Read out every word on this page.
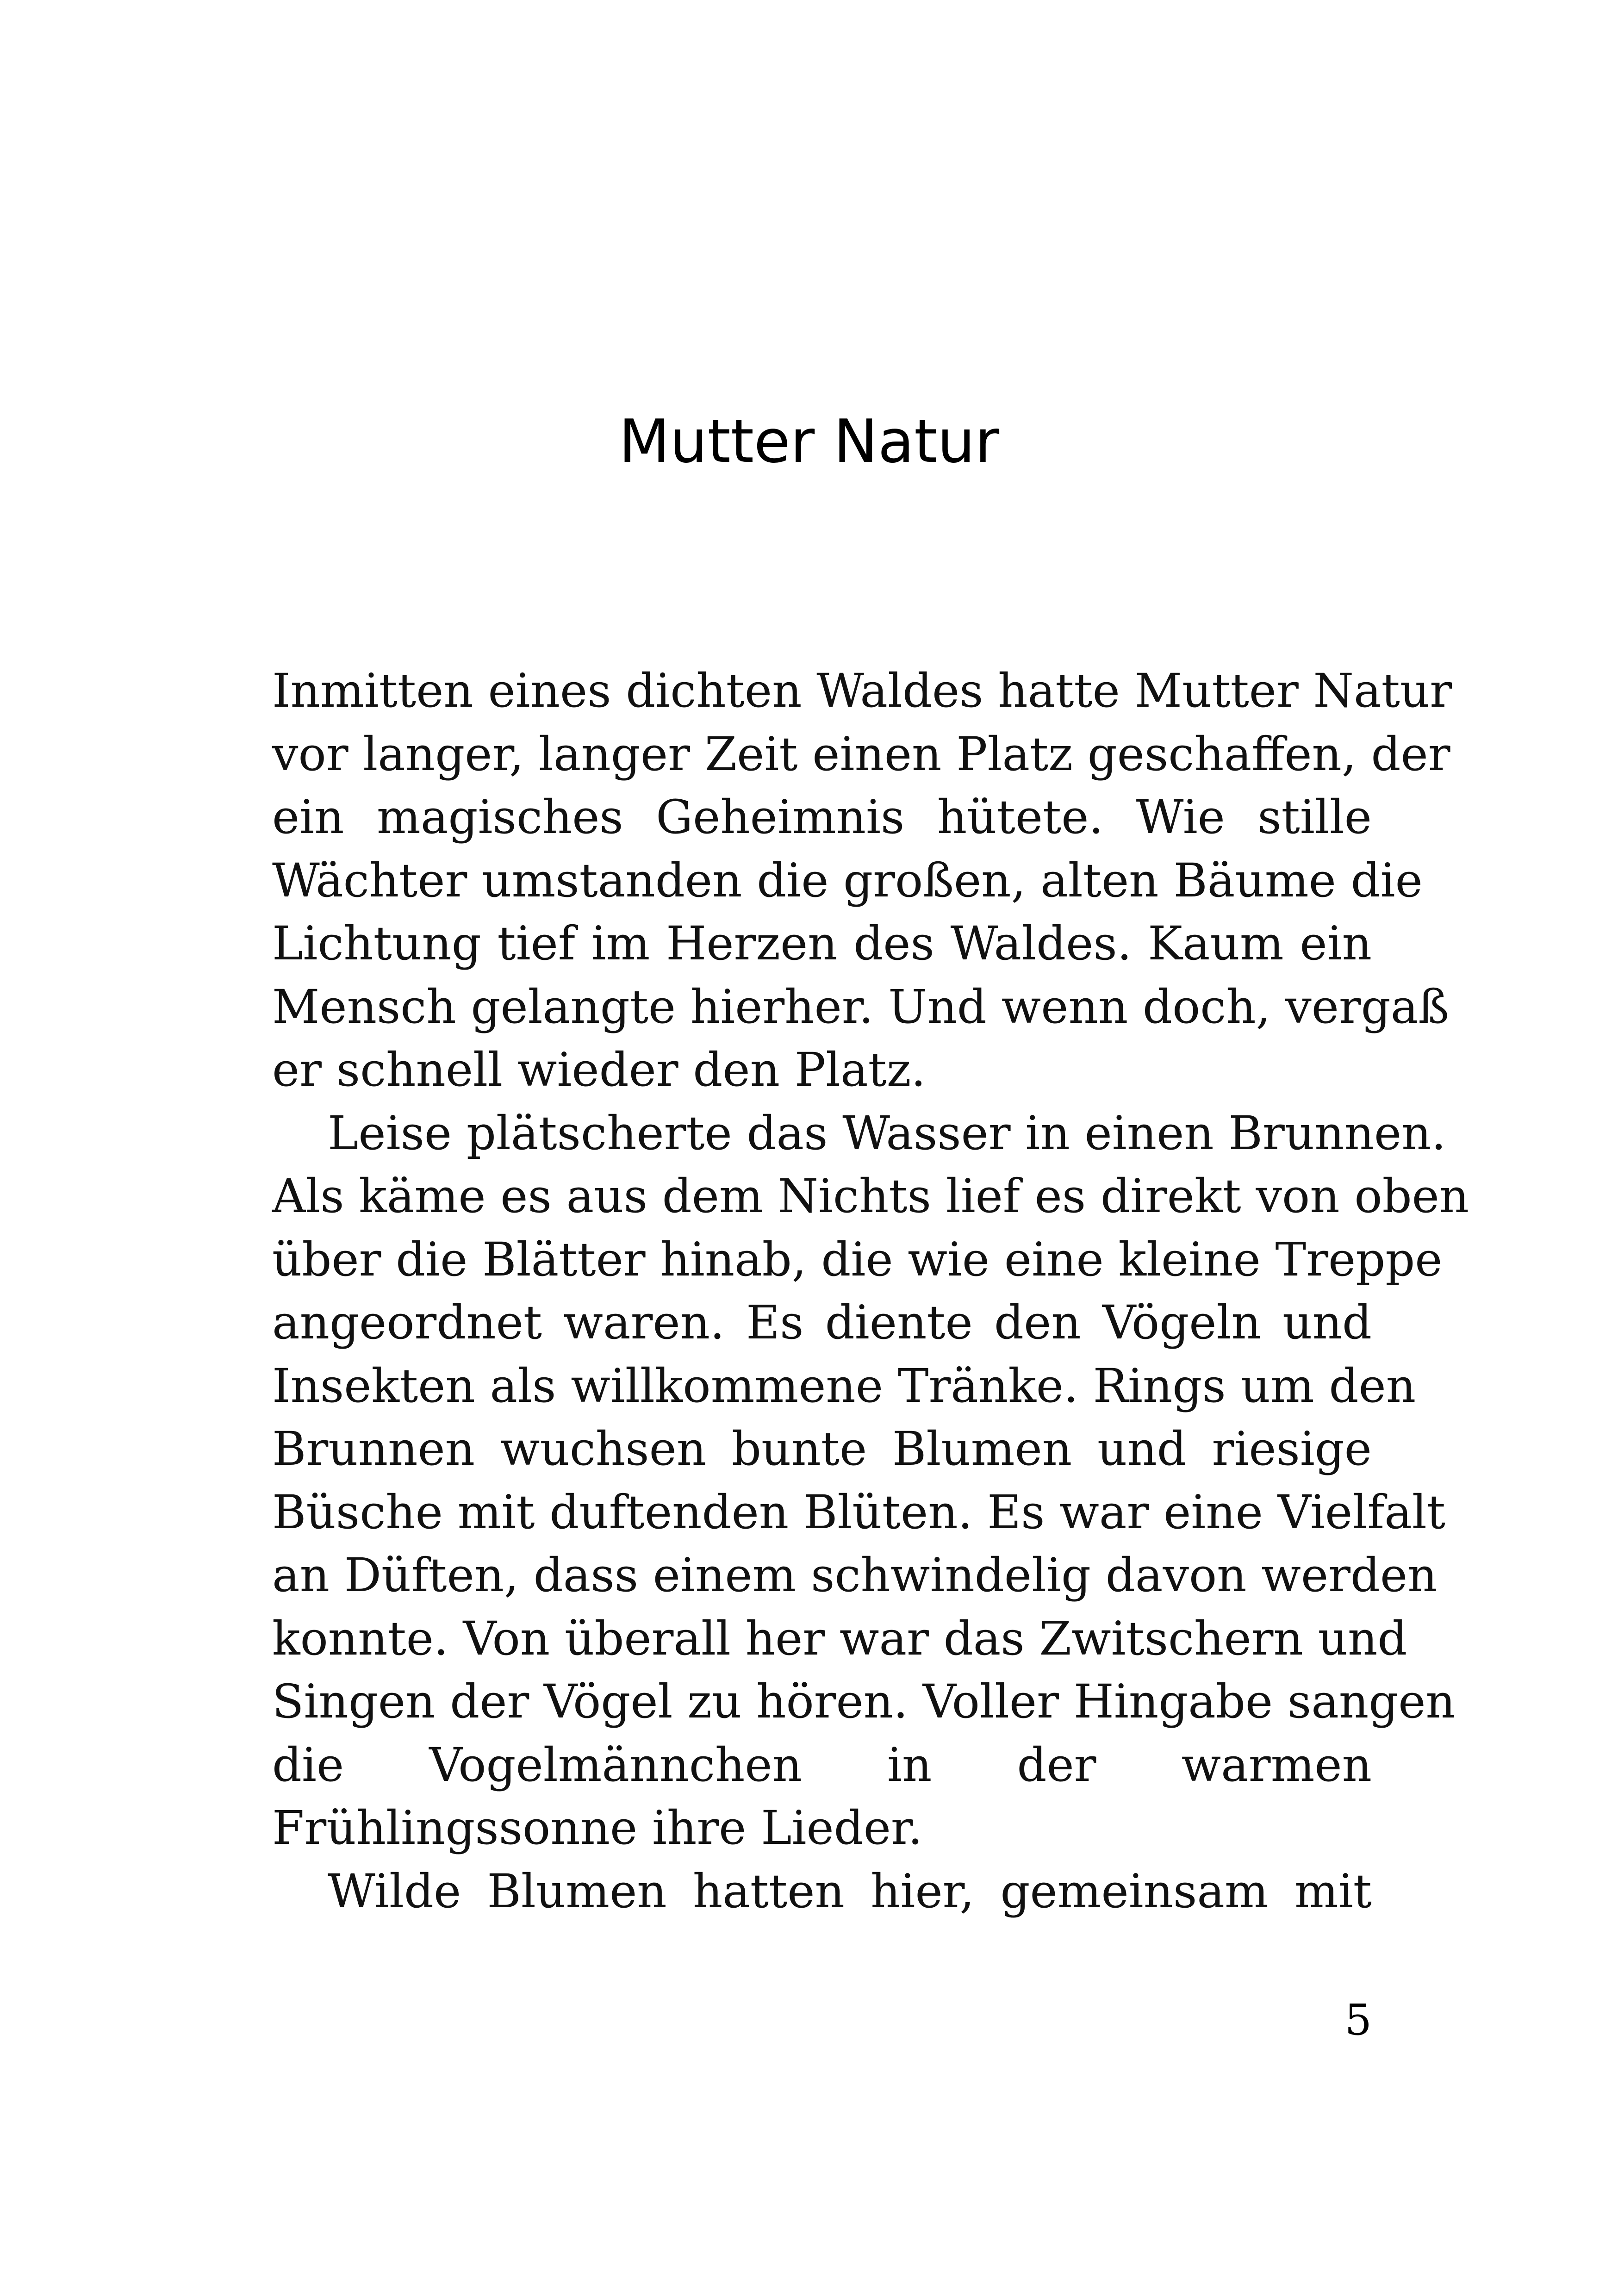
Mutter Natur
Inmitten eines dichten Waldes hatte Mutter Natur
vor langer, langer Zeit einen Platz geschaffen, der
ein magisches Geheimnis hütete. Wie stille
Wächter umstanden die großen, alten Bäume die
Lichtung tief im Herzen des Waldes. Kaum ein
Mensch gelangte hierher. Und wenn doch, vergaß
er schnell wieder den Platz.
Leise plätscherte das Wasser in einen Brunnen.
Als käme es aus dem Nichts lief es direkt von oben
über die Blätter hinab, die wie eine kleine Treppe
angeordnet waren. Es diente den Vögeln und
Insekten als willkommene Tränke. Rings um den
Brunnen wuchsen bunte Blumen und riesige
Büsche mit duftenden Blüten. Es war eine Vielfalt
an Düften, dass einem schwindelig davon werden
konnte. Von überall her war das Zwitschern und
Singen der Vögel zu hören. Voller Hingabe sangen
die Vogelmännchen in der warmen
Frühlingssonne ihre Lieder.
Wilde Blumen hatten hier, gemeinsam mit
5
